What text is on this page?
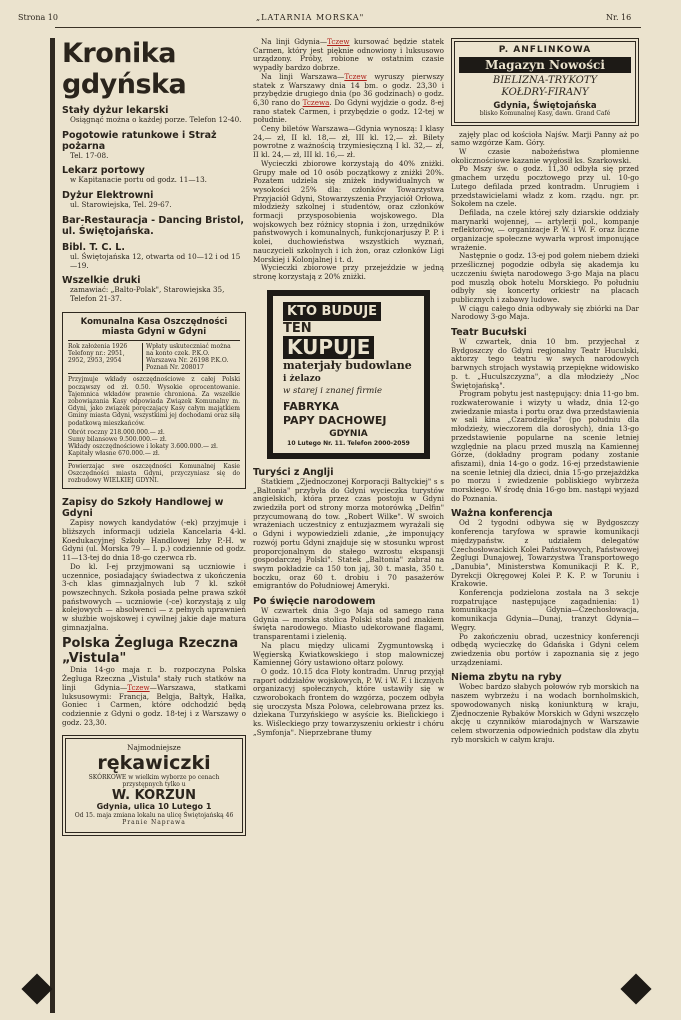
Strona 10	„LATARNIA MORSKA"	Nr. 16
Kronika gdyńska
Stały dyżur lekarski

Osiągnąć można o każdej porze. Telefon 12-40.

Pogotowie ratunkowe i Straż pożarna

Tel. 17-08.

Lekarz portowy

w Kapitanacie portu od godz. 11—13.

Dyżur Elektrowni

ul. Starowiejska, Tel. 29-67.

Bar-Restauracja - Dancing Bristol, ul. Świętojańska.
Bibl. T. C. L.

ul. Świętojańska 12, otwarta od 10—12 i od 15—19.

Wszelkie druki

zamawiać: „Balto-Polak", Starowiejska 35, Telefon 21-37.

Komunalna Kasa Oszczędności miasta Gdyni w Gdyni
Rok założenia 1926
Telefony nr.: 2951, 2952, 2953, 2954
Wpłaty uskuteczniać można na konto czek. P.K.O. Warszawa Nr. 26198 P.K.O. Poznań Nr. 208017

Przyjmuje wkłady oszczędnościowe z całej Polski począwszy od zł. 0.50. Wysokie oprocentowanie. Tajemnica wkładów prawnie chroniona. Za wszelkie zobowiązania Kasy odpowiada Związek Komunalny m. Gdyni, jako związek poręczający Kasy całym majątkiem Gminy miasta Gdyni, wszystkimi jej dochodami oraz siłą podatkową mieszkańców.

Obrót roczny 218.000.000.— zł.
Sumy bilansowe 9.500.000.— zł.
Wkłady oszczędnościowe i lokaty 3.600.000.— zł.
Kapitały własne 670.000.— zł.

Powierzając swe oszczędności Komunalnej Kasie Oszczędności miasta Gdyni, przyczyniasz się do rozbudowy WIELKIEJ GDYNI.

Zapisy do Szkoły Handlowej w Gdyni

Zapisy nowych kandydatów (-ek) przyjmuje i bliższych informacji udziela Kancelaria 4-kl. Koedukacyjnej Szkoły Handlowej Izby P.-H. w Gdyni (ul. Morska 79 — I. p.) codziennie od godz. 11—13-tej do dnia 18-go czerwca rb.

Do kl. I-ej przyjmowani są uczniowie i uczennice, posiadający świadectwa z ukończenia 3-ch klas gimnazjalnych lub 7 kl. szkół powszechnych. Szkoła posiada pełne prawa szkół państwowych — uczniowie (-ce) korzystają z ulg kolejowych — absolwenci — z pełnych uprawnień w służbie wojskowej i cywilnej jakie daje matura gimnazjalna.

Polska Żegluga Rzeczna „Vistula"

Dnia 14-go maja r. b. rozpoczyna Polska Żegluga Rzeczna „Vistula" stały ruch statków na linji Gdynia—Tczew—Warszawa, statkami luksusowymi: Francja, Belgja, Bałtyk, Hałka, Goniec i Carmen, które odchodzić będą codziennie z Gdyni o godz. 18-tej i z Warszawy o godz. 23,30.

Najmodniejsze
rękawiczki
SKÓRKOWE w wielkim wyborze po cenach przystępnych tylko u
W. KORZUN
Gdynia, ulica 10 Lutego 1
Od 15. maja zmiana lokalu na ulicę Świętojańską 46
Pranie Naprawa

Na linji Gdynia—Tczew kursować będzie statek Carmen, który jest pięknie odnowiony i luksusowo urządzony. Próby, robione w ostatnim czasie wypadły bardzo dobrze.

Na linji Warszawa—Tczew wyruszy pierwszy statek z Warszawy dnia 14 bm. o godz. 23,30 i przybędzie drugiego dnia (po 36 godzinach) o godz. 6,30 rano do Tczewa. Do Gdyni wyjdzie o godz. 8-ej rano statek Carmen, i przybędzie o godz. 12-tej w południe.

Ceny biletów Warszawa—Gdynia wynoszą: I klasy 24,— zł, II kl. 18,— zł, III kl. 12,— zł. Bilety powrotne z ważnością trzymiesięczną I kl. 32,— zł, II kl. 24,— zł, III kl. 16,— zł.

Wycieczki zbiorowe korzystają do 40% zniżki. Grupy małe od 10 osób początkowy z zniżki 20%. Pozatem udziela się zniżek indywidualnych w wysokości 25% dla: członków Towarzystwa Przyjaciół Gdyni, Stowarzyszenia Przyjaciół Orłowa, młodzieży szkolnej i studentów, oraz członków formacji przysposobienia wojskowego. Dla wojskowych bez różnicy stopnia i żon, urzędników państwowych i komunalnych, funkcjonarjuszy P. P. i kolei, duchowieństwa wszystkich wyznań, nauczycieli szkolnych i ich żon, oraz członków Ligi Morskiej i Kolonjalnej i t. d.

Wycieczki zbiorowe przy przejeździe w jedną stronę korzystają z 20% zniżki.

KTO BUDUJE
TEN
KUPUJE
materjały budowlane
i żelazo
w starej i znanej firmie
FABRYKA
PAPY DACHOWEJ
GDYNIA
10 Lutego Nr. 11. Telefon 2000-2059
Turyści z Anglji

Statkiem „Zjednoczonej Korporacji Baltyckiej" s s „Baltonia" przybyła do Gdyni wycieczka turystów angielskich, która przez czas postoju w Gdyni zwiedziła port od strony morza motorówką „Delfin" przycumowaną do tow. „Robert Wilke". W swoich wrażeniach uczestnicy z entuzjazmem wyrażali się o Gdyni i wypowiedzieli zdanie, „że imponujący rozwój portu Gdyni znajduje się w stosunku wprost proporcjonalnym do stałego wzrostu ekspansji gospodarczej Polski". Statek „Baltonia" zabrał na swym pokładzie ca 150 ton jaj, 30 t. masła, 350 t. boczku, oraz 60 t. drobiu i 70 pasażerów emigrantów do Południowej Ameryki.

Po święcie narodowem

W czwartek dnia 3-go Maja od samego rana Gdynia — morska stolica Polski stała pod znakiem święta narodowego. Miasto udekorowane flagami, transparentami i zielenią.

Na placu między ulicami Zygmuntowską i Węgierską Kwiatkowskiego i stop malowniczej Kamiennej Góry ustawiono ołtarz polowy.

O godz. 10.15 dca Floty kontradm. Unrug przyjął raport oddziałów wojskowych, P. W. i W. F. i licznych organizacyj społecznych, które ustawiły się w czworobokach frontem do wzgórza, poczem odbyła się uroczysta Msza Polowa, celebrowana przez ks. dziekana Turzyńskiego w asyście ks. Bielickiego i ks. Wiśleckiego przy towarzyszeniu orkiestr i chóru „Symfonja". Nieprzebrane tłumy

P. ANFLINKOWA
Magazyn Nowości
BIELIZNA-TRYKOTY
KOŁDRY-FIRANY
Gdynia, Świętojańska
blisko Komunalnej Kasy, dawn. Grand Café

zajęły plac od kościoła Najśw. Marji Panny aż po samo wzgórze Kam. Góry.

W czasie nabożeństwa płomienne okolicznościowe kazanie wygłosił ks. Szarkowski.

Po Mszy św. o godz. 11,30 odbyła się przed gmachem urzędu pocztowego przy ul. 10-go Lutego defilada przed kontradm. Unrugiem i przedstawicielami władz z kom. rządu. ngr. pr. Sokołem na czele.

Defilada, na czele której szły dziarskie oddziały marynarki wojennej, — artylerji pol., kompanje reflektorów, — organizacje P. W. i W. F. oraz liczne organizacje społeczne wywarła wprost imponujące wrażenie.

Następnie o godz. 13-ej pod gołem niebem dzieki prześlicznej pogodzie odbyła się akademja ku uczczeniu święta narodowego 3-go Maja na placu pod muszlą obok hotelu Morskiego. Po południu odbyły się koncerty orkiestr na placach publicznych i zabawy ludowe.

W ciągu całego dnia odbywały się zbiórki na Dar Narodowy 3-go Maja.

Teatr Bucułski

W czwartek, dnia 10 bm. przyjechał z Bydgoszczy do Gdyni regjonalny Teatr Huculski, aktorzy tego teatru w swych narodowych barwnych strojach wystawią przepiękne widowisko p. t. „Huculszczyzna", a dla młodzieży „Noc Świętojańską".

Program pobytu jest następujący: dnia 11-go bm. rozkwaterowanie i wizyty u władz, dnia 12-go zwiedzanie miasta i portu oraz dwa przedstawienia w sali kina „Czarodziejka" (po południu dla młodzieży, wieczorem dla dorosłych), dnia 13-go przedstawienie popularne na scenie letniej względnie na placu przed muszlą na Kamiennej Górze, (dokładny program podany zostanie afiszami), dnia 14-go o godz. 16-ej przedstawienie na scenie letniej dla dzieci, dnia 15-go przejażdżka po morzu i zwiedzenie pobliskiego wybrzeża morskiego. W środę dnia 16-go bm. nastąpi wyjazd do Poznania.

Ważna konferencja

Od 2 tygodni odbywa się w Bydgoszczy konferencja taryfowa w sprawie komunikacji międzypaństw. z udziałem delegatów Czechosłowackich Kolei Państwowych, Państwowej Żeglugi Dunajowej, Towarzystwa Transportowego „Danubia", Ministerstwa Komunikacji P. K. P., Dyrekcji Okręgowej Kolei P. K. P. w Toruniu i Krakowie.

Konferencja podzielona została na 3 sekcje rozpatrujące następujące zagadnienia: 1) komunikacja Gdynia—Czechosłowacja, komunikacja Gdynia—Dunaj, tranzyt Gdynia—Węgry.

Po zakończeniu obrad, uczestnicy konferencji odbędą wycieczkę do Gdańska i Gdyni celem zwiedzenia obu portów i zapoznania się z jego urządzeniami.

Niema zbytu na ryby

Wobec bardzo słabych połowów ryb morskich na naszem wybrzeżu i na wodach bornholmskich, spowodowanych niską koniunkturą w kraju, Zjednoczenie Rybaków Morskich w Gdyni wszczęło akcję u czynników miarodajnych w Warszawie celem stworzenia odpowiednich podstaw dla zbytu ryb morskich w całym kraju.
